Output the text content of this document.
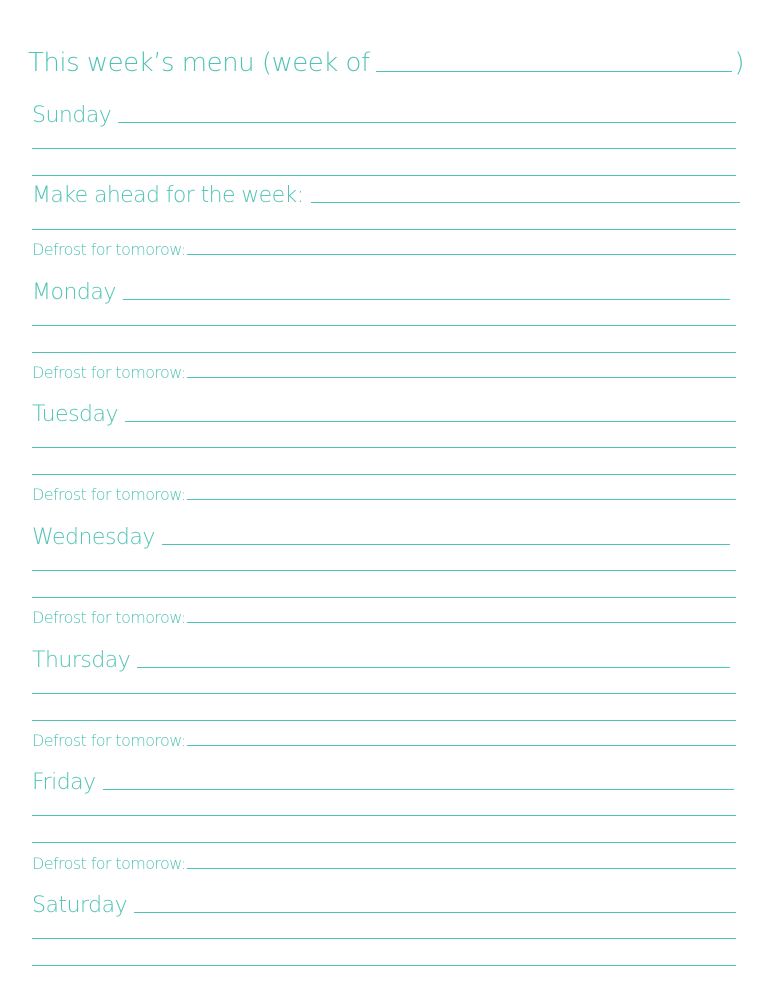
This week’s menu (week of	)
Sunday
Make ahead for the week:
Defrost for tomorow:
Monday
Defrost for tomorow:
Tuesday
Defrost for tomorow:
Wednesday
Defrost for tomorow:
Thursday
Defrost for tomorow:
Friday
Defrost for tomorow:
Saturday
